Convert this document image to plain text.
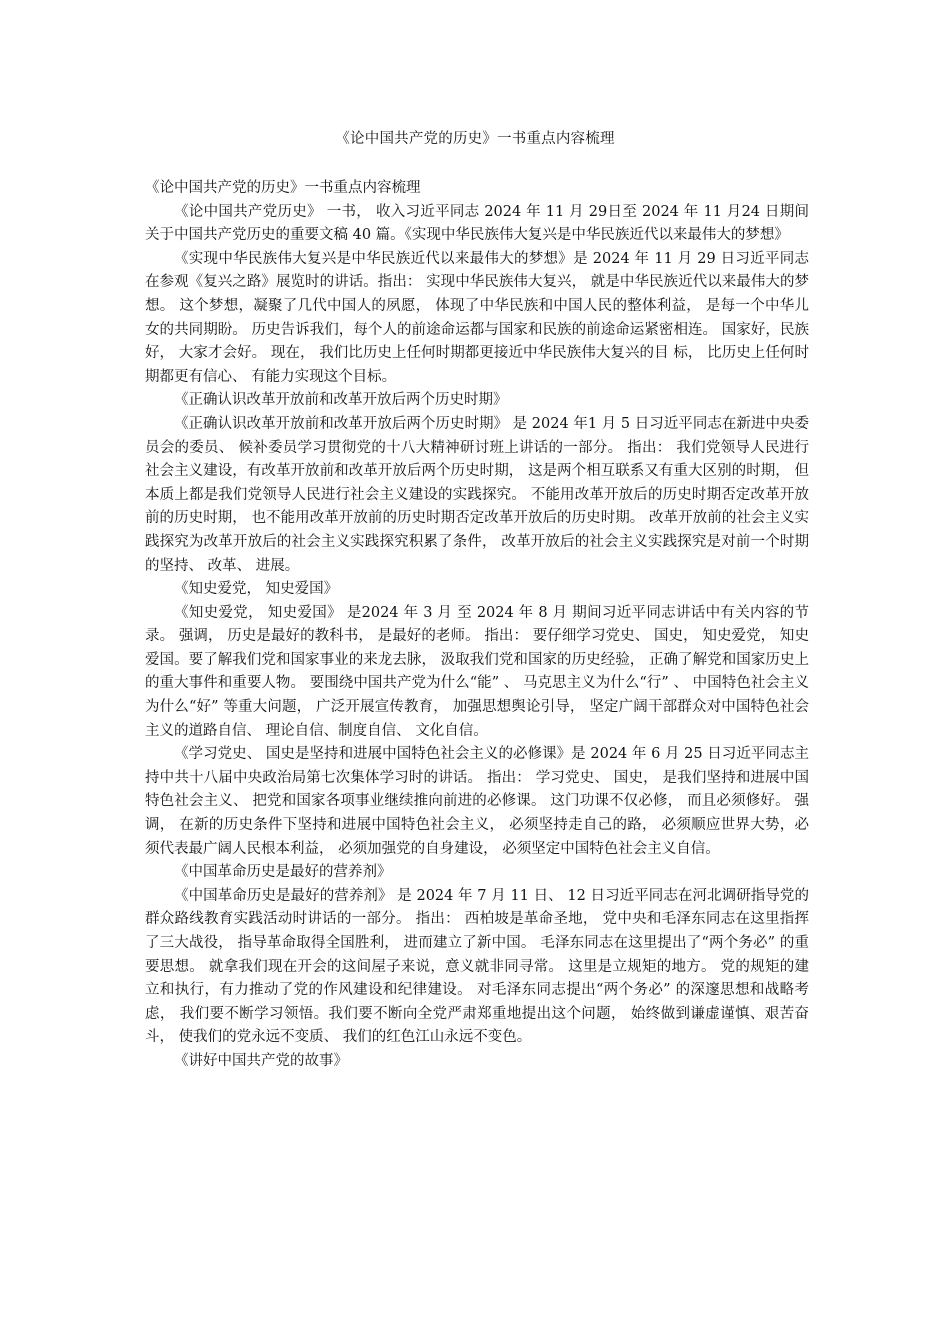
《论中国共产党的历史》一书重点内容梳理

《论中国共产党的历史》一书重点内容梳理

《论中国共产党历史》 一书， 收入习近平同志 2024 年 11 月 29日至 2024 年 11 月24 日期间关于中国共产党历史的重要文稿 40 篇。《实现中华民族伟大复兴是中华民族近代以来最伟大的梦想》

《实现中华民族伟大复兴是中华民族近代以来最伟大的梦想》是 2024 年 11 月 29 日习近平同志在参观《复兴之路》展览时的讲话。指出： 实现中华民族伟大复兴， 就是中华民族近代以来最伟大的梦想。 这个梦想，凝聚了几代中国人的夙愿， 体现了中华民族和中国人民的整体利益， 是每一个中华儿女的共同期盼。 历史告诉我们，每个人的前途命运都与国家和民族的前途命运紧密相连。 国家好，民族好， 大家才会好。 现在， 我们比历史上任何时期都更接近中华民族伟大复兴的目 标， 比历史上任何时期都更有信心、 有能力实现这个目标。

《正确认识改革开放前和改革开放后两个历史时期》

《正确认识改革开放前和改革开放后两个历史时期》 是 2024 年1 月 5 日习近平同志在新进中央委员会的委员、 候补委员学习贯彻党的十八大精神研讨班上讲话的一部分。 指出： 我们党领导人民进行社会主义建设，有改革开放前和改革开放后两个历史时期， 这是两个相互联系又有重大区别的时期， 但本质上都是我们党领导人民进行社会主义建设的实践探究。 不能用改革开放后的历史时期否定改革开放前的历史时期， 也不能用改革开放前的历史时期否定改革开放后的历史时期。 改革开放前的社会主义实践探究为改革开放后的社会主义实践探究积累了条件， 改革开放后的社会主义实践探究是对前一个时期的坚持、 改革、 进展。

《知史爱党， 知史爱国》

《知史爱党， 知史爱国》 是2024 年 3 月 至 2024 年 8 月 期间习近平同志讲话中有关内容的节录。 强调， 历史是最好的教科书， 是最好的老师。 指出： 要仔细学习党史、 国史， 知史爱党， 知史爱国。要了解我们党和国家事业的来龙去脉， 汲取我们党和国家的历史经验， 正确了解党和国家历史上的重大事件和重要人物。 要围绕中国共产党为什么“能” 、 马克思主义为什么“行” 、 中国特色社会主义为什么“好” 等重大问题， 广泛开展宣传教育， 加强思想舆论引导， 坚定广阔干部群众对中国特色社会主义的道路自信、 理论自信、制度自信、 文化自信。

《学习党史、 国史是坚持和进展中国特色社会主义的必修课》是 2024 年 6 月 25 日习近平同志主持中共十八届中央政治局第七次集体学习时的讲话。 指出： 学习党史、 国史， 是我们坚持和进展中国特色社会主义、 把党和国家各项事业继续推向前进的必修课。 这门功课不仅必修， 而且必须修好。 强调， 在新的历史条件下坚持和进展中国特色社会主义， 必须坚持走自己的路， 必须顺应世界大势，必须代表最广阔人民根本利益， 必须加强党的自身建设， 必须坚定中国特色社会主义自信。

《中国革命历史是最好的营养剂》

《中国革命历史是最好的营养剂》 是 2024 年 7 月 11 日、 12 日习近平同志在河北调研指导党的群众路线教育实践活动时讲话的一部分。 指出： 西柏坡是革命圣地， 党中央和毛泽东同志在这里指挥了三大战役， 指导革命取得全国胜利， 进而建立了新中国。 毛泽东同志在这里提出了“两个务必” 的重要思想。 就拿我们现在开会的这间屋子来说，意义就非同寻常。 这里是立规矩的地方。 党的规矩的建立和执行，有力推动了党的作风建设和纪律建设。 对毛泽东同志提出“两个务必” 的深邃思想和战略考虑， 我们要不断学习领悟。我们要不断向全党严肃郑重地提出这个问题， 始终做到谦虚谨慎、艰苦奋斗， 使我们的党永远不变质、 我们的红色江山永远不变色。

《讲好中国共产党的故事》
